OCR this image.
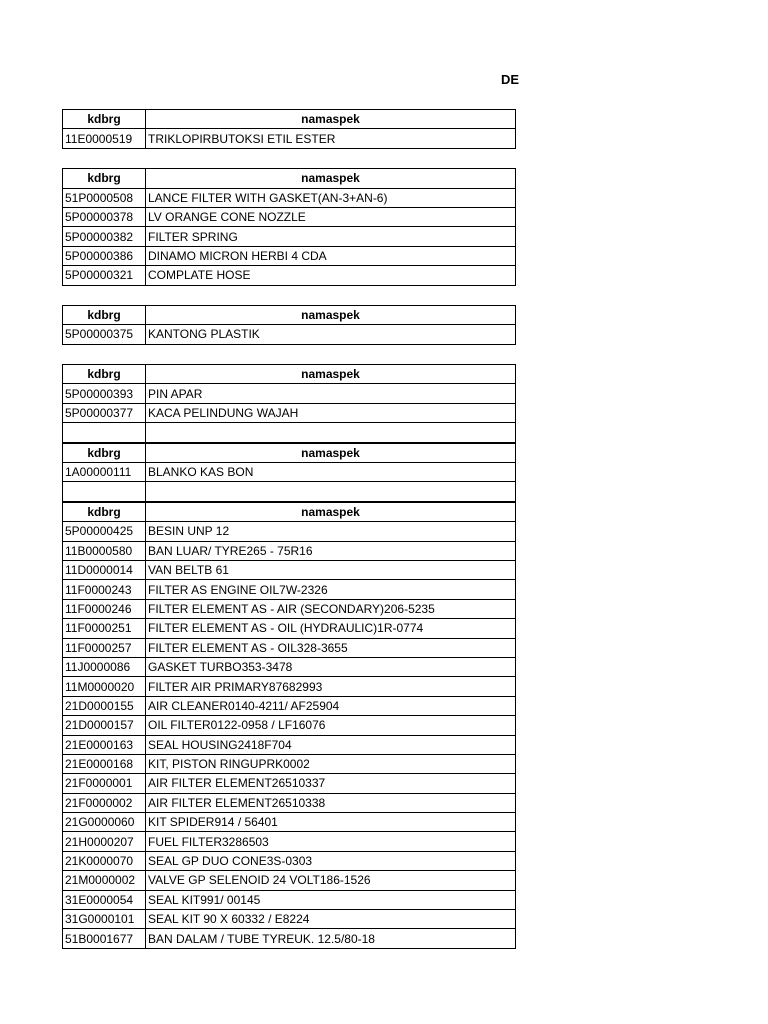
DE
kdbrg	namaspek
11E0000519	TRIKLOPIRBUTOKSI ETIL ESTER
kdbrg	namaspek
51P0000508	LANCE FILTER WITH GASKET(AN-3+AN-6)
5P00000378	LV ORANGE CONE NOZZLE
5P00000382	FILTER SPRING
5P00000386	DINAMO MICRON HERBI 4 CDA
5P00000321	COMPLATE HOSE
kdbrg	namaspek
5P00000375	KANTONG PLASTIK
kdbrg	namaspek
5P00000393	PIN APAR
5P00000377	KACA PELINDUNG WAJAH

kdbrg	namaspek
1A00000111	BLANKO KAS BON

kdbrg	namaspek
5P00000425	BESIN UNP 12
11B0000580	BAN LUAR/ TYRE265 - 75R16
11D0000014	VAN BELTB 61
11F0000243	FILTER AS ENGINE OIL7W-2326
11F0000246	FILTER ELEMENT AS - AIR (SECONDARY)206-5235
11F0000251	FILTER ELEMENT AS - OIL (HYDRAULIC)1R-0774
11F0000257	FILTER ELEMENT AS - OIL328-3655
11J0000086	GASKET TURBO353-3478
11M0000020	FILTER AIR PRIMARY87682993
21D0000155	AIR CLEANER0140-4211/ AF25904
21D0000157	OIL FILTER0122-0958 / LF16076
21E0000163	SEAL HOUSING2418F704
21E0000168	KIT, PISTON RINGUPRK0002
21F0000001	AIR FILTER ELEMENT26510337
21F0000002	AIR FILTER ELEMENT26510338
21G0000060	KIT SPIDER914 / 56401
21H0000207	FUEL FILTER3286503
21K0000070	SEAL GP DUO CONE3S-0303
21M0000002	VALVE GP SELENOID 24 VOLT186-1526
31E0000054	SEAL KIT991/ 00145
31G0000101	SEAL KIT 90 X 60332 / E8224
51B0001677	BAN DALAM / TUBE TYREUK. 12.5/80-18
